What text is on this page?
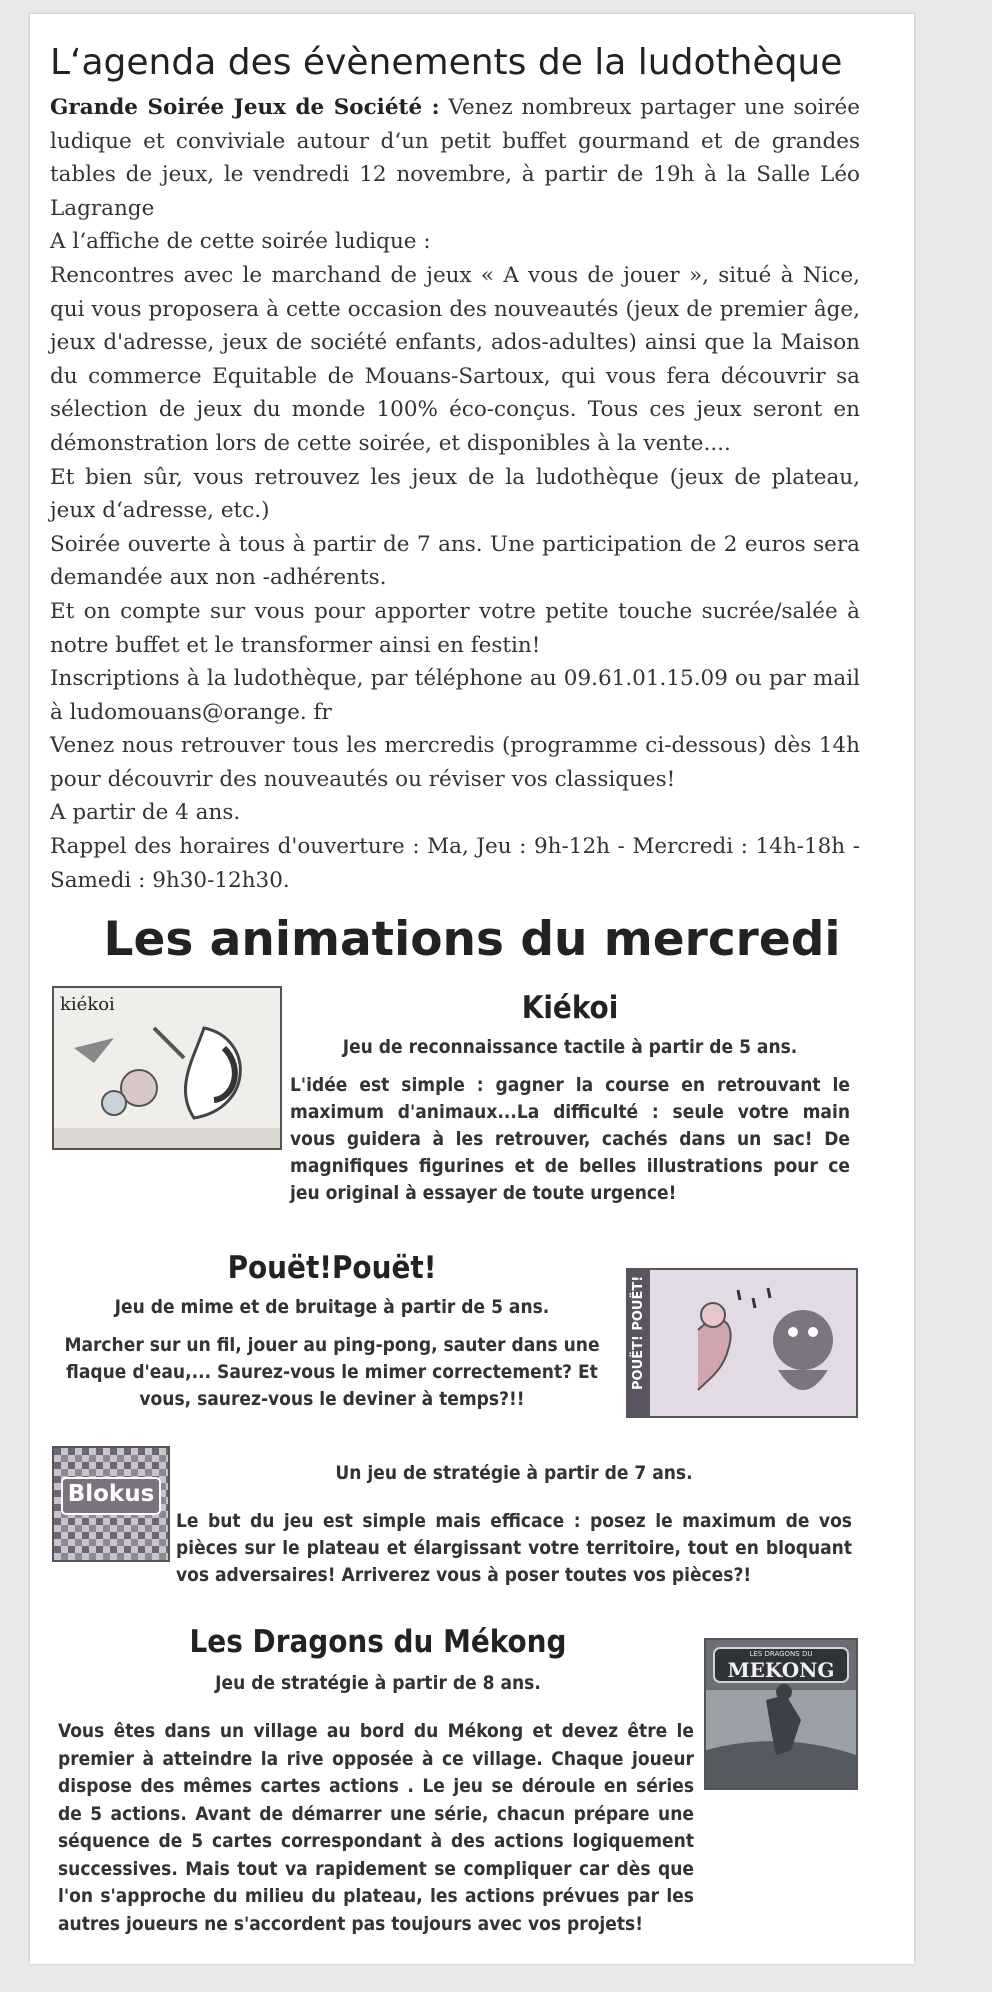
L‘agenda des évènements de la ludothèque

Grande Soirée Jeux de Société : Venez nombreux partager une soirée ludique et conviviale autour d‘un petit buffet gourmand et de grandes tables de jeux, le vendredi 12 novembre, à partir de 19h à la Salle Léo Lagrange

A l‘affiche de cette soirée ludique :

Rencontres avec le marchand de jeux « A vous de jouer », situé à Nice, qui vous proposera à cette occasion des nouveautés (jeux de premier âge, jeux d'adresse, jeux de société enfants, ados-adultes) ainsi que la Maison du commerce Equitable de Mouans-Sartoux, qui vous fera découvrir sa sélection de jeux du monde 100% éco-conçus. Tous ces jeux seront en démonstration lors de cette soirée, et disponibles à la vente....

Et bien sûr, vous retrouvez les jeux de la ludothèque (jeux de plateau, jeux d‘adresse, etc.)

Soirée ouverte à tous à partir de 7 ans. Une participation de 2 euros sera demandée aux non -adhérents.

Et on compte sur vous pour apporter votre petite touche sucrée/salée à notre buffet et le transformer ainsi en festin!

Inscriptions à la ludothèque, par téléphone au 09.61.01.15.09 ou par mail à ludomouans@orange. fr

Venez nous retrouver tous les mercredis (programme ci-dessous) dès 14h pour découvrir des nouveautés ou réviser vos classiques!

A partir de 4 ans.

Rappel des horaires d'ouverture : Ma, Jeu : 9h-12h - Mercredi : 14h-18h - Samedi : 9h30-12h30.

Les animations du mercredi
kiékoi	Kiékoi
Jeu de reconnaissance tactile à partir de 5 ans.

L'idée est simple : gagner la course en retrouvant le maximum d'animaux...La difficulté : seule votre main vous guidera à les retrouver, cachés dans un sac! De magnifiques figurines et de belles illustrations pour ce jeu original à essayer de toute urgence!

Pouët!Pouët!
Jeu de mime et de bruitage à partir de 5 ans.

Marcher sur un fil, jouer au ping-pong, sauter dans une flaque d'eau,... Saurez-vous le mimer correctement? Et vous, saurez-vous le deviner à temps?!!

POUËT! POUËT!
Blokus
Un jeu de stratégie à partir de 7 ans.

Le but du jeu est simple mais efficace : posez le maximum de vos pièces sur le plateau et élargissant votre territoire, tout en bloquant vos adversaires! Arriverez vous à poser toutes vos pièces?!

Les Dragons du Mékong
Jeu de stratégie à partir de 8 ans.

Vous êtes dans un village au bord du Mékong et devez être le premier à atteindre la rive opposée à ce village. Chaque joueur dispose des mêmes cartes actions . Le jeu se déroule en séries de 5 actions. Avant de démarrer une série, chacun prépare une séquence de 5 cartes correspondant à des actions logiquement successives. Mais tout va rapidement se compliquer car dès que l'on s'approche du milieu du plateau, les actions prévues par les autres joueurs ne s'accordent pas toujours avec vos projets!

LES DRAGONS DU
MEKONG
